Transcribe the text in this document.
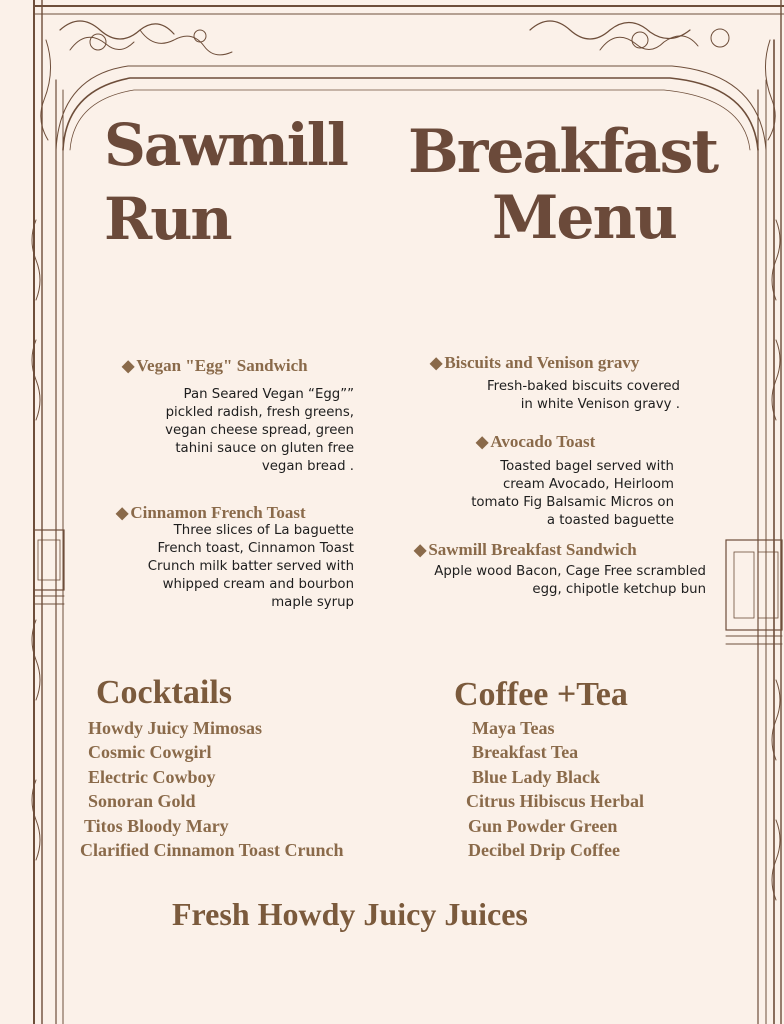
Sawmill
Run
Breakfast
Menu
◆ Vegan "Egg" Sandwich
Pan Seared Vegan “Egg””
pickled radish, fresh greens,
vegan cheese spread, green
tahini sauce on gluten free
vegan bread .
◆ Cinnamon French Toast
Three slices of La baguette
French toast, Cinnamon Toast
Crunch milk batter served with
whipped cream and bourbon
maple syrup
◆ Biscuits and Venison gravy
Fresh-baked biscuits covered
in white Venison gravy .
◆ Avocado Toast
Toasted bagel served with
cream Avocado, Heirloom
tomato Fig Balsamic Micros on
a toasted baguette
◆ Sawmill Breakfast Sandwich
Apple wood Bacon, Cage Free scrambled
egg, chipotle ketchup bun
Cocktails
Howdy Juicy Mimosas
Cosmic Cowgirl
Electric Cowboy
Sonoran Gold
Titos Bloody Mary
Clarified Cinnamon Toast Crunch
Coffee +Tea
Maya Teas
Breakfast Tea
Blue Lady Black
Citrus Hibiscus Herbal
Gun Powder Green
Decibel Drip Coffee
Fresh Howdy Juicy Juices
